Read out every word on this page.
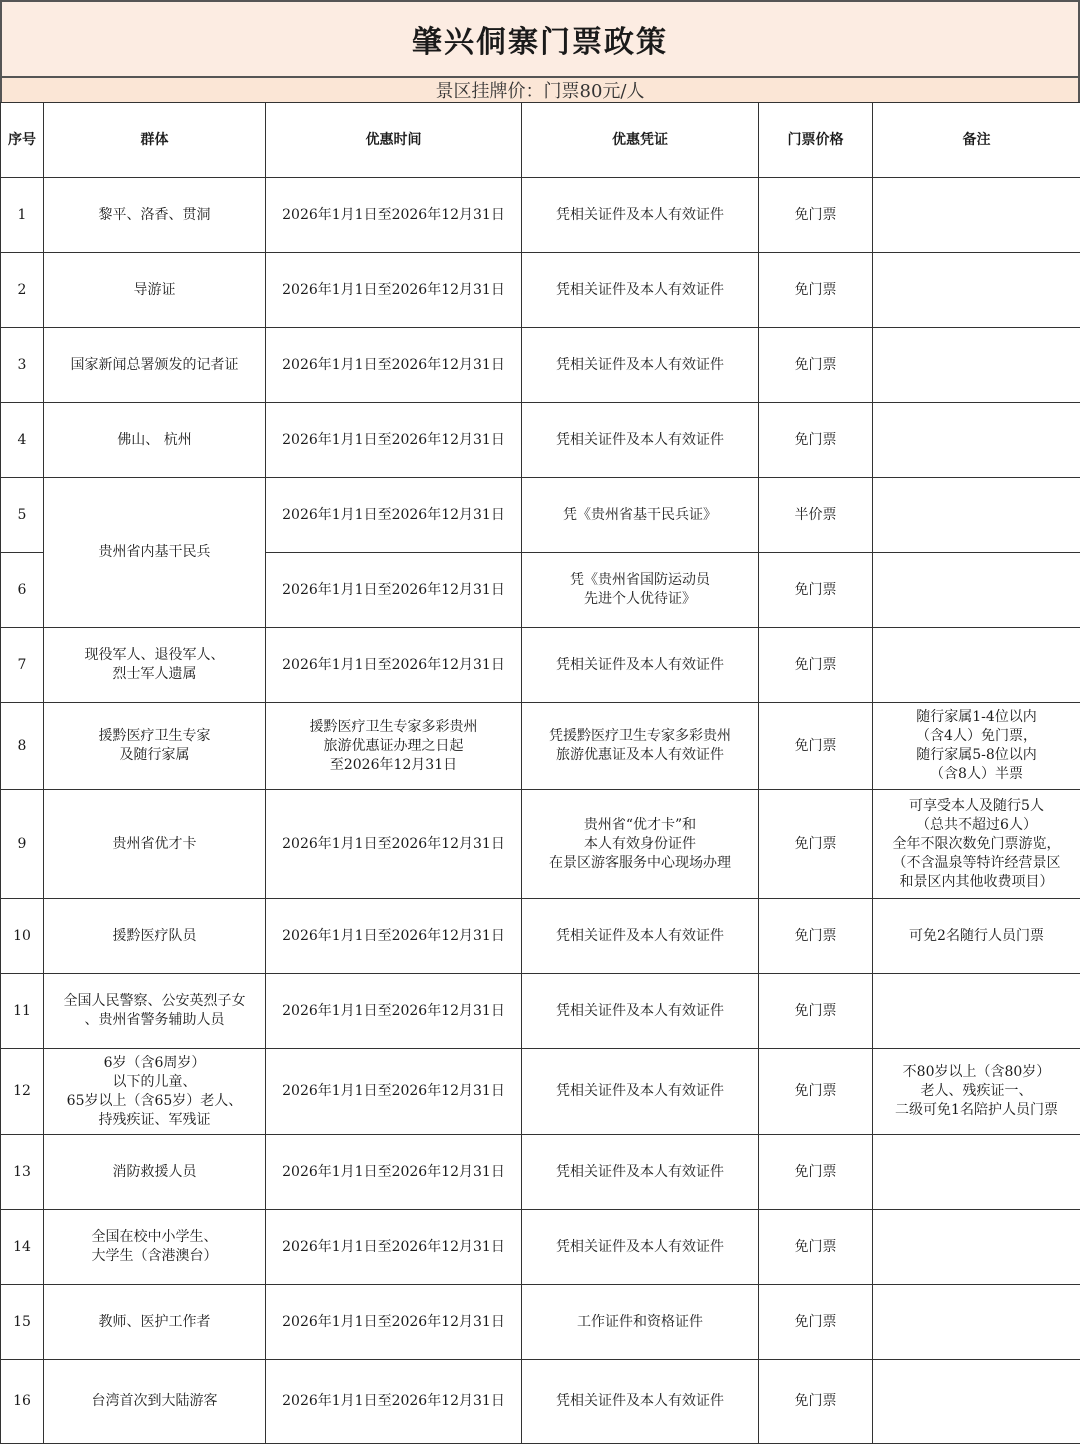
肇兴侗寨门票政策
景区挂牌价：门票80元/人
序号	群体	优惠时间	优惠凭证	门票价格	备注
1	黎平、洛香、贯洞	2026年1月1日至2026年12月31日	凭相关证件及本人有效证件	免门票	
2	导游证	2026年1月1日至2026年12月31日	凭相关证件及本人有效证件	免门票	
3	国家新闻总署颁发的记者证	2026年1月1日至2026年12月31日	凭相关证件及本人有效证件	免门票	
4	佛山、 杭州	2026年1月1日至2026年12月31日	凭相关证件及本人有效证件	免门票	
5	贵州省内基干民兵	2026年1月1日至2026年12月31日	凭《贵州省基干民兵证》	半价票	
6		2026年1月1日至2026年12月31日	凭《贵州省国防运动员
先进个人优待证》	免门票	
7	现役军人、退役军人、
烈士军人遗属	2026年1月1日至2026年12月31日	凭相关证件及本人有效证件	免门票	
8	援黔医疗卫生专家
及随行家属	援黔医疗卫生专家多彩贵州
旅游优惠证办理之日起
至2026年12月31日	凭援黔医疗卫生专家多彩贵州
旅游优惠证及本人有效证件	免门票	随行家属1-4位以内
（含4人）免门票，
随行家属5-8位以内
（含8人）半票
9	贵州省优才卡	2026年1月1日至2026年12月31日	贵州省“优才卡”和
本人有效身份证件
在景区游客服务中心现场办理	免门票	可享受本人及随行5人
（总共不超过6人）
全年不限次数免门票游览，
（不含温泉等特许经营景区
和景区内其他收费项目）
10	援黔医疗队员	2026年1月1日至2026年12月31日	凭相关证件及本人有效证件	免门票	可免2名随行人员门票
11	全国人民警察、公安英烈子女
、贵州省警务辅助人员	2026年1月1日至2026年12月31日	凭相关证件及本人有效证件	免门票	
12	6岁（含6周岁）
以下的儿童、
65岁以上（含65岁）老人、
持残疾证、军残证	2026年1月1日至2026年12月31日	凭相关证件及本人有效证件	免门票	不80岁以上（含80岁）
老人、残疾证一、
二级可免1名陪护人员门票
13	消防救援人员	2026年1月1日至2026年12月31日	凭相关证件及本人有效证件	免门票	
14	全国在校中小学生、
大学生（含港澳台）	2026年1月1日至2026年12月31日	凭相关证件及本人有效证件	免门票	
15	教师、医护工作者	2026年1月1日至2026年12月31日	工作证件和资格证件	免门票	
16	台湾首次到大陆游客	2026年1月1日至2026年12月31日	凭相关证件及本人有效证件	免门票	
